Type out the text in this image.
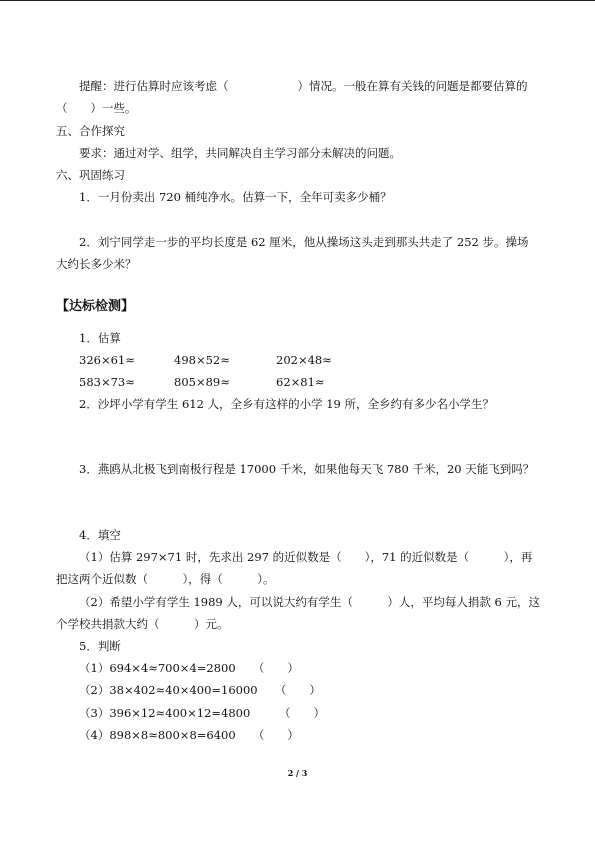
提醒：进行估算时应该考虑（　　　　　　）情况。一般在算有关钱的问题是都要估算的
（　　）一些。
五、合作探究
要求：通过对学、组学，共同解决自主学习部分未解决的问题。
六、巩固练习
1．一月份卖出 720 桶纯净水。估算一下，全年可卖多少桶？
2．刘宁同学走一步的平均长度是 62 厘米，他从操场这头走到那头共走了 252 步。操场
大约长多少米？
【达标检测】
1．估算
326×61≈	498×52≈	202×48≈
583×73≈	805×89≈	62×81≈
2．沙坪小学有学生 612 人，全乡有这样的小学 19 所，全乡约有多少名小学生？
3．燕鸥从北极飞到南极行程是 17000 千米，如果他每天飞 780 千米，20 天能飞到吗？
4．填空
（1）估算 297×71 时，先求出 297 的近似数是（　　），71 的近似数是（　　　），再
把这两个近似数（　　　），得（　　　）。
（2）希望小学有学生 1989 人，可以说大约有学生（　　　）人，平均每人捐款 6 元，这
个学校共捐款大约（　　　）元。
5．判断
（1）694×4≈700×4=2800　　（　　）
（2）38×402≈40×400=16000　　（　　）
（3）396×12≈400×12=4800　　　（　　）
（4）898×8≈800×8=6400　　（　　）
2 / 3
